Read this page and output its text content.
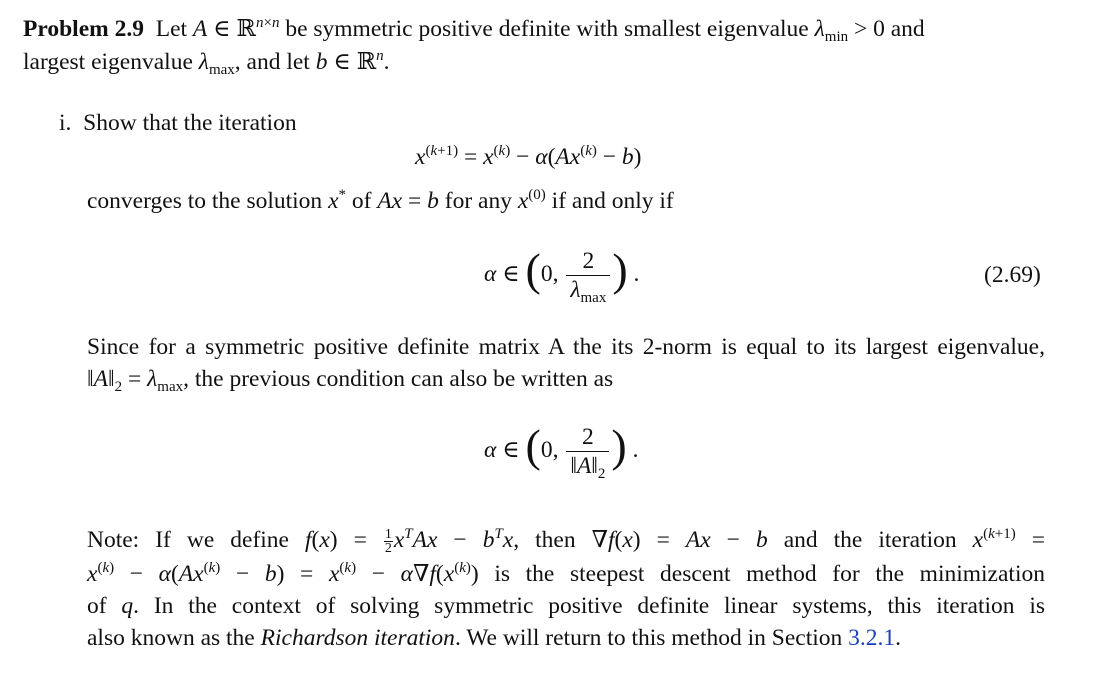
Problem 2.9 Let A ∈ ℝ$^{n\times n}$ be symmetric positive definite with smallest eigenvalue $\lambda_{min} > 0$ and
largest eigenvalue $\lambda_{max}$, and let b ∈ ℝ$^n$.
i. Show that the iteration
$x^{(k+1)} = x^{(k)} - \alpha(Ax^{(k)} - b)$
converges to the solution x* of Ax = b for any $x^{(0)}$ if and only if
α ∈ (0, $\frac{2}{\lambda_{max}}$ ) .	(2.69)
Since for a symmetric positive definite matrix A the its 2-norm is equal to its largest eigenvalue,
$‖A‖_2 = \lambda_{max}$, the previous condition can also be written as
α ∈ (0, $\frac{2}{‖A‖_2}$ ) .
Note: If we define $f(x) = \frac{1}{2} x^TAx - b^Tx$, then ∇f(x) = Ax − b and the iteration $x^{(k+1)}$ =
$x^{(k)} - \alpha(Ax^{(k)} - b) = x^{(k)} - \alpha\nabla f(x^{(k)})$ is the steepest descent method for the minimization
of q. In the context of solving symmetric positive definite linear systems, this iteration is
also known as the Richardson iteration. We will return to this method in Section 3.2.1.
